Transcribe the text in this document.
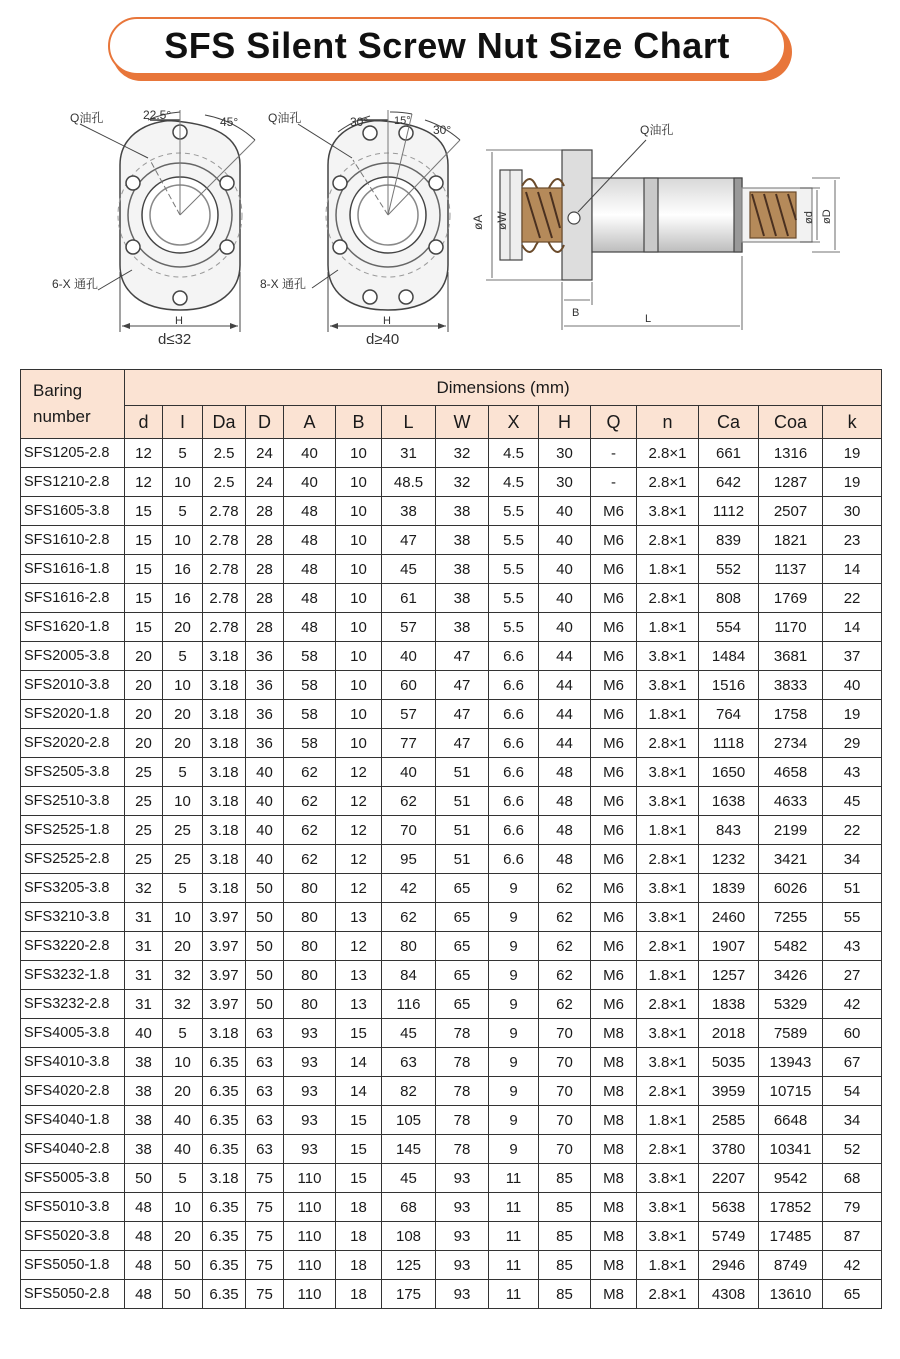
SFS Silent Screw Nut Size Chart
22.5°	45°
Q油孔
6-X 通孔
H
d≤32
30° 15°
30°
Q油孔
8-X 通孔
H
d≥40
Q油孔
øA øW
B	L
ød øD
Baring number	Dimensions (mm)														
	d	I	Da	D	A	B	L	W	X	H	Q	n	Ca	Coa	k
SFS1205-2.8	12	5	2.5	24	40	10	31	32	4.5	30	-	2.8×1	661	1316	19
SFS1210-2.8	12	10	2.5	24	40	10	48.5	32	4.5	30	-	2.8×1	642	1287	19
SFS1605-3.8	15	5	2.78	28	48	10	38	38	5.5	40	M6	3.8×1	1112	2507	30
SFS1610-2.8	15	10	2.78	28	48	10	47	38	5.5	40	M6	2.8×1	839	1821	23
SFS1616-1.8	15	16	2.78	28	48	10	45	38	5.5	40	M6	1.8×1	552	1137	14
SFS1616-2.8	15	16	2.78	28	48	10	61	38	5.5	40	M6	2.8×1	808	1769	22
SFS1620-1.8	15	20	2.78	28	48	10	57	38	5.5	40	M6	1.8×1	554	1170	14
SFS2005-3.8	20	5	3.18	36	58	10	40	47	6.6	44	M6	3.8×1	1484	3681	37
SFS2010-3.8	20	10	3.18	36	58	10	60	47	6.6	44	M6	3.8×1	1516	3833	40
SFS2020-1.8	20	20	3.18	36	58	10	57	47	6.6	44	M6	1.8×1	764	1758	19
SFS2020-2.8	20	20	3.18	36	58	10	77	47	6.6	44	M6	2.8×1	1118	2734	29
SFS2505-3.8	25	5	3.18	40	62	12	40	51	6.6	48	M6	3.8×1	1650	4658	43
SFS2510-3.8	25	10	3.18	40	62	12	62	51	6.6	48	M6	3.8×1	1638	4633	45
SFS2525-1.8	25	25	3.18	40	62	12	70	51	6.6	48	M6	1.8×1	843	2199	22
SFS2525-2.8	25	25	3.18	40	62	12	95	51	6.6	48	M6	2.8×1	1232	3421	34
SFS3205-3.8	32	5	3.18	50	80	12	42	65	9	62	M6	3.8×1	1839	6026	51
SFS3210-3.8	31	10	3.97	50	80	13	62	65	9	62	M6	3.8×1	2460	7255	55
SFS3220-2.8	31	20	3.97	50	80	12	80	65	9	62	M6	2.8×1	1907	5482	43
SFS3232-1.8	31	32	3.97	50	80	13	84	65	9	62	M6	1.8×1	1257	3426	27
SFS3232-2.8	31	32	3.97	50	80	13	116	65	9	62	M6	2.8×1	1838	5329	42
SFS4005-3.8	40	5	3.18	63	93	15	45	78	9	70	M8	3.8×1	2018	7589	60
SFS4010-3.8	38	10	6.35	63	93	14	63	78	9	70	M8	3.8×1	5035	13943	67
SFS4020-2.8	38	20	6.35	63	93	14	82	78	9	70	M8	2.8×1	3959	10715	54
SFS4040-1.8	38	40	6.35	63	93	15	105	78	9	70	M8	1.8×1	2585	6648	34
SFS4040-2.8	38	40	6.35	63	93	15	145	78	9	70	M8	2.8×1	3780	10341	52
SFS5005-3.8	50	5	3.18	75	110	15	45	93	11	85	M8	3.8×1	2207	9542	68
SFS5010-3.8	48	10	6.35	75	110	18	68	93	11	85	M8	3.8×1	5638	17852	79
SFS5020-3.8	48	20	6.35	75	110	18	108	93	11	85	M8	3.8×1	5749	17485	87
SFS5050-1.8	48	50	6.35	75	110	18	125	93	11	85	M8	1.8×1	2946	8749	42
SFS5050-2.8	48	50	6.35	75	110	18	175	93	11	85	M8	2.8×1	4308	13610	65
